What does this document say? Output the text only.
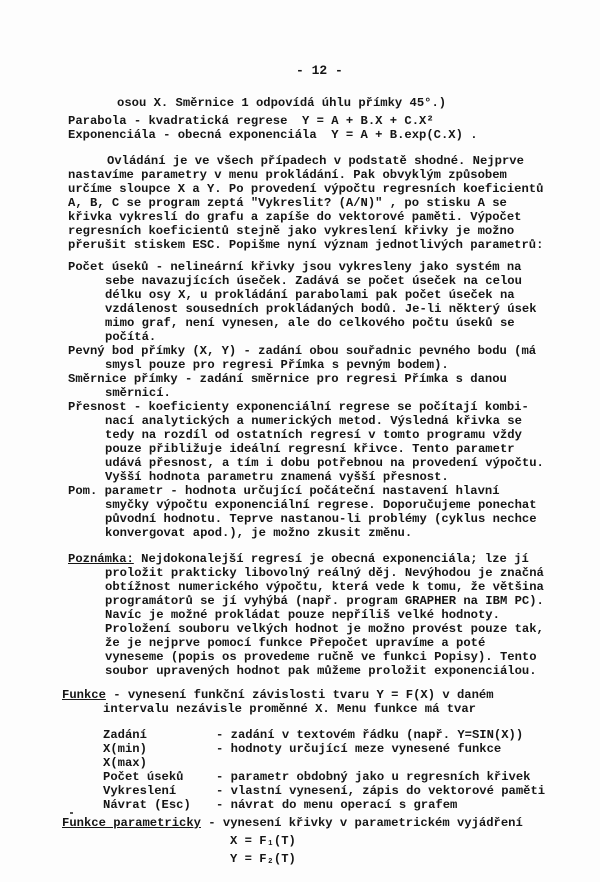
- 12 -
osou X. Směrnice 1 odpovídá úhlu přímky 45°.)
Parabola - kvadratická regrese  Y = A + B.X + C.X²
Exponenciála - obecná exponenciála  Y = A + B.exp(C.X) .
Ovládání je ve všech případech v podstatě shodné. Nejprve
nastavíme parametry v menu prokládání. Pak obvyklým způsobem
určíme sloupce X a Y. Po provedení výpočtu regresních koeficientů
A, B, C se program zeptá "Vykreslit? (A/N)" , po stisku A se
křivka vykreslí do grafu a zapíše do vektorové paměti. Výpočet
regresních koeficientů stejně jako vykreslení křivky je možno
přerušit stiskem ESC. Popišme nyní význam jednotlivých parametrů:
Počet úseků - nelineární křivky jsou vykresleny jako systém na
sebe navazujících úseček. Zadává se počet úseček na celou
délku osy X, u prokládání parabolami pak počet úseček na
vzdálenost sousedních prokládaných bodů. Je-li některý úsek
mimo graf, není vynesen, ale do celkového počtu úseků se
počítá.
Pevný bod přímky (X, Y) - zadání obou souřadnic pevného bodu (má
smysl pouze pro regresi Přímka s pevným bodem).
Směrnice přímky - zadání směrnice pro regresi Přímka s danou
směrnicí.
Přesnost - koeficienty exponenciální regrese se počítají kombi-
nací analytických a numerických metod. Výsledná křivka se
tedy na rozdíl od ostatních regresí v tomto programu vždy
pouze přibližuje ideální regresní křivce. Tento parametr
udává přesnost, a tím i dobu potřebnou na provedení výpočtu.
Vyšší hodnota parametru znamená vyšší přesnost.
Pom. parametr - hodnota určující počáteční nastavení hlavní
smyčky výpočtu exponenciální regrese. Doporučujeme ponechat
původní hodnotu. Teprve nastanou-li problémy (cyklus nechce
konvergovat apod.), je možno zkusit změnu.
Poznámka: Nejdokonalejší regresí je obecná exponenciála; lze jí
proložit prakticky libovolný reálný děj. Nevýhodou je značná
obtížnost numerického výpočtu, která vede k tomu, že většina
programátorů se jí vyhýbá (např. program GRAPHER na IBM PC).
Navíc je možné prokládat pouze nepříliš velké hodnoty.
Proložení souboru velkých hodnot je možno provést pouze tak,
že je nejprve pomocí funkce Přepočet upravíme a poté
vyneseme (popis os provedeme ručně ve funkci Popisy). Tento
soubor upravených hodnot pak můžeme proložit exponenciálou.
Funkce - vynesení funkční závislosti tvaru Y = F(X) v daném
intervalu nezávisle proměnné X. Menu funkce má tvar
Zadání	- zadání v textovém řádku (např. Y=SIN(X))
X(min)	- hodnoty určující meze vynesené funkce
X(max)
Počet úseků	- parametr obdobný jako u regresních křivek
Vykreslení	- vlastní vynesení, zápis do vektorové paměti
Návrat (Esc) - návrat do menu operací s grafem
Funkce parametricky - vynesení křivky v parametrickém vyjádření
X = F₁(T)
Y = F₂(T)
